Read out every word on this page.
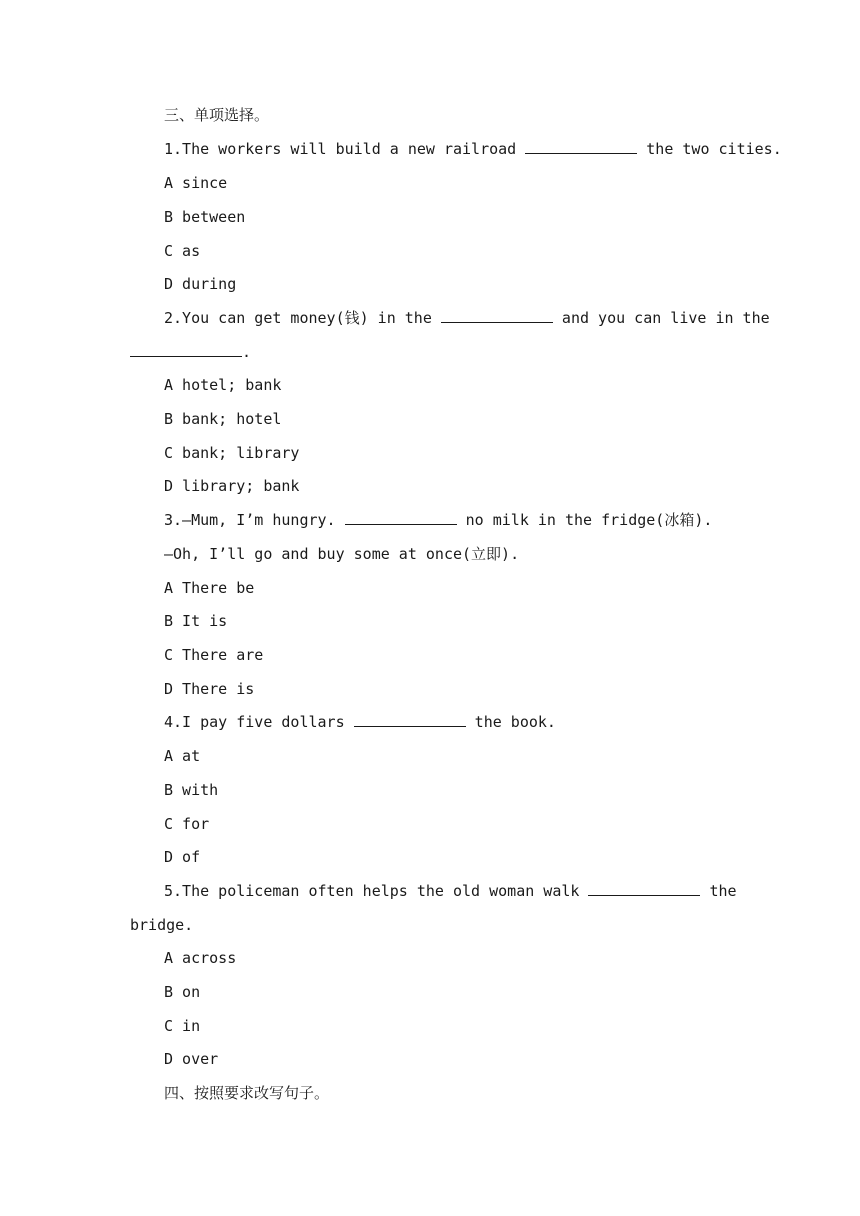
三、单项选择。
1.The workers will build a new railroad	the two cities.
A since
B between
C as
D during
2.You can get money(钱) in the	and you can live in the
.
A hotel; bank
B bank; hotel
C bank; library
D library; bank
3.—Mum, I’m hungry.	no milk in the fridge(冰箱).
—Oh, I’ll go and buy some at once(立即).
A There be
B It is
C There are
D There is
4.I pay five dollars	the book.
A at
B with
C for
D of
5.The policeman often helps the old woman walk	the
bridge.
A across
B on
C in
D over
四、按照要求改写句子。
